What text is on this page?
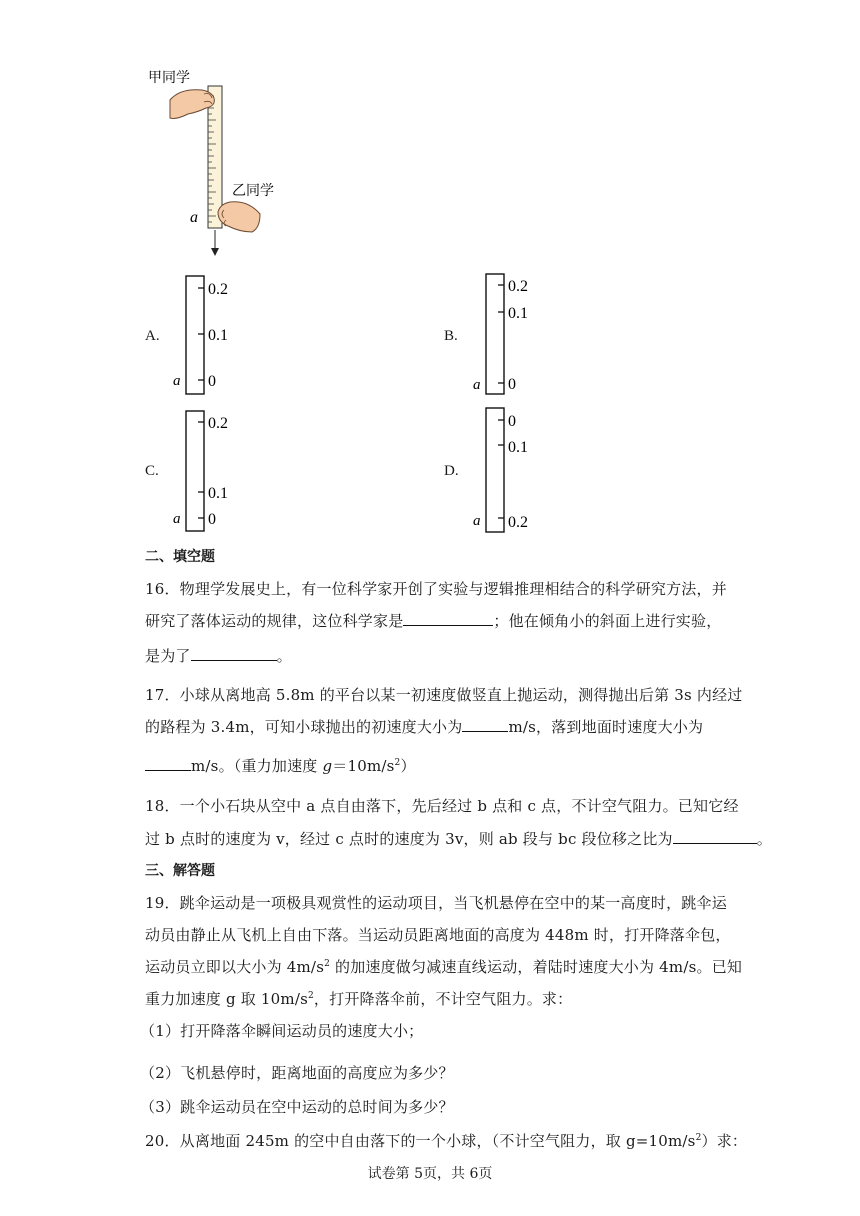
甲同学
乙同学
a
A.
0.2
0.1
0
a
B.
0.2
0.1
0
a
C.
0.2
0.1
0
a
D.
0
0.1
0.2
a
二、填空题
16．物理学发展史上，有一位科学家开创了实验与逻辑推理相结合的科学研究方法，并
研究了落体运动的规律，这位科学家是	；他在倾角小的斜面上进行实验，
是为了	。
17．小球从离地高 5.8m 的平台以某一初速度做竖直上抛运动，测得抛出后第 3s 内经过
的路程为 3.4m，可知小球抛出的初速度大小为	m/s，落到地面时速度大小为
m/s。（重力加速度 $g=10m/s^2$）
18．一个小石块从空中 a 点自由落下，先后经过 b 点和 c 点，不计空气阻力。已知它经
过 b 点时的速度为 v，经过 c 点时的速度为 3v，则 ab 段与 bc 段位移之比为	。
三、解答题
19．跳伞运动是一项极具观赏性的运动项目，当飞机悬停在空中的某一高度时，跳伞运
动员由静止从飞机上自由下落。当运动员距离地面的高度为 448m 时，打开降落伞包，
运动员立即以大小为 $4m/s^2$ 的加速度做匀减速直线运动，着陆时速度大小为 4m/s。已知
重力加速度 g 取 $10m/s^2$，打开降落伞前，不计空气阻力。求：
（1）打开降落伞瞬间运动员的速度大小；
（2）飞机悬停时，距离地面的高度应为多少？
（3）跳伞运动员在空中运动的总时间为多少？
20．从离地面 245m 的空中自由落下的一个小球，（不计空气阻力，取 $g=10m/s^2$）求：
试卷第 5页，共 6页
